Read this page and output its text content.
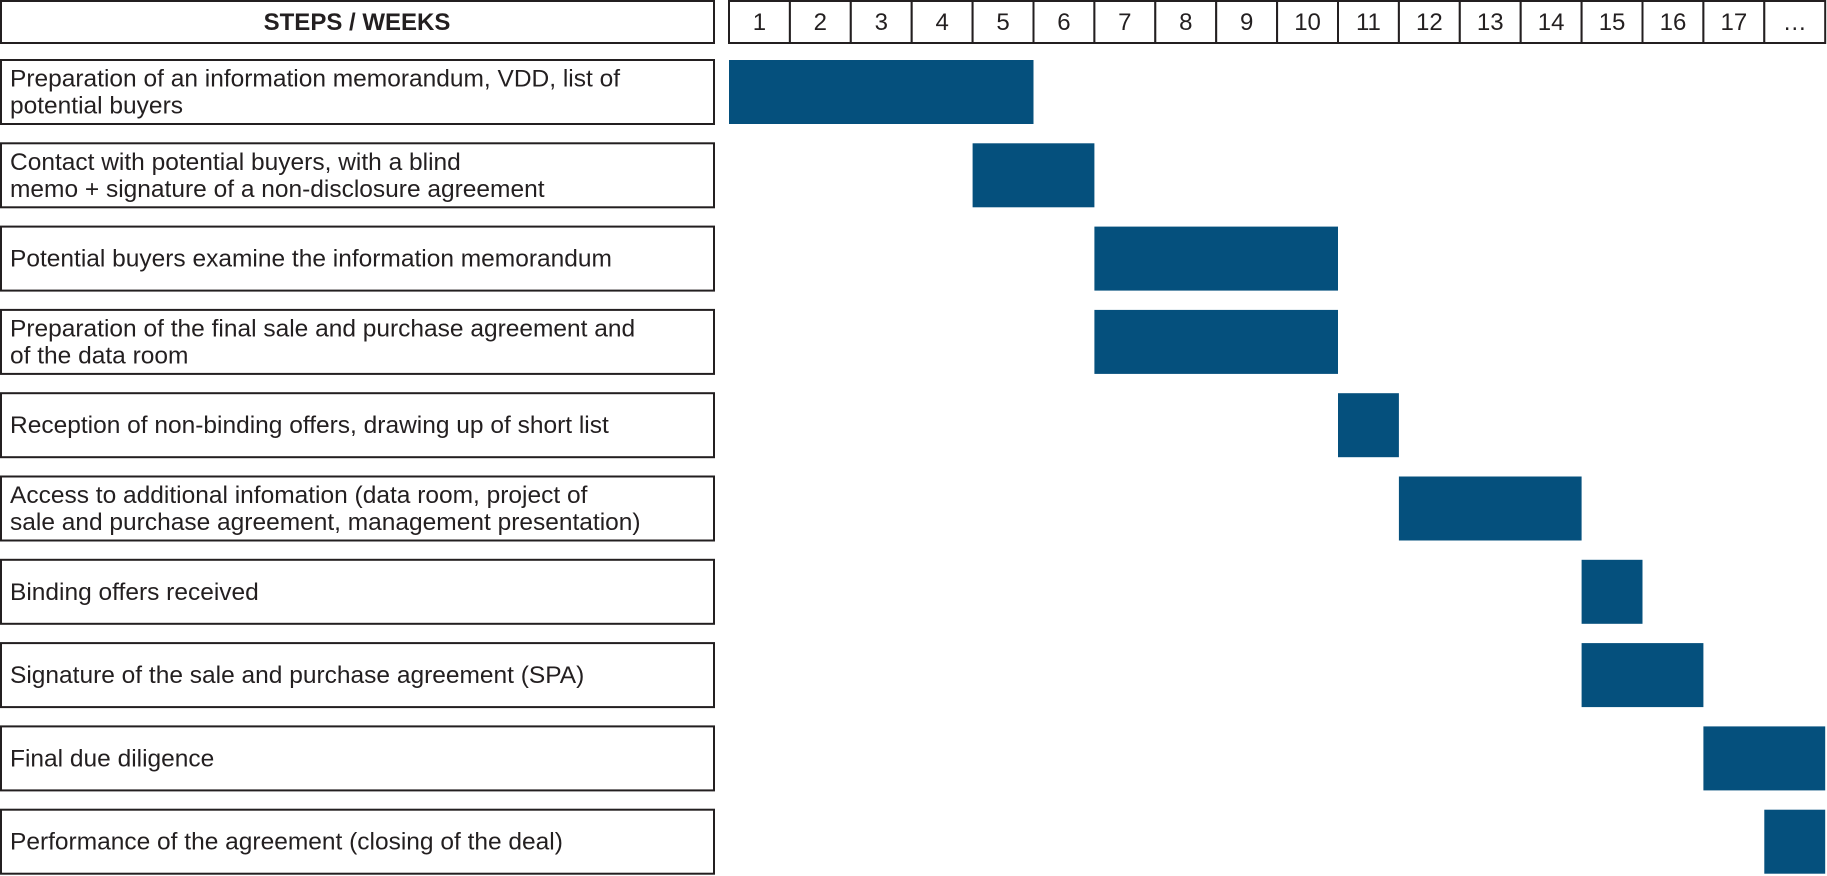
STEPS / WEEKS	1 2 3 4 5 6 7 8 9 10 11 12 13 14 15 16 17 …
Preparation of an information memorandum, VDD, list of
potential buyers
Contact with potential buyers, with a blind
memo + signature of a non-disclosure agreement
Potential buyers examine the information memorandum
Preparation of the final sale and purchase agreement and
of the data room
Reception of non-binding offers, drawing up of short list
Access to additional infomation (data room, project of
sale and purchase agreement, management presentation)
Binding offers received
Signature of the sale and purchase agreement (SPA)
Final due diligence
Performance of the agreement (closing of the deal)
